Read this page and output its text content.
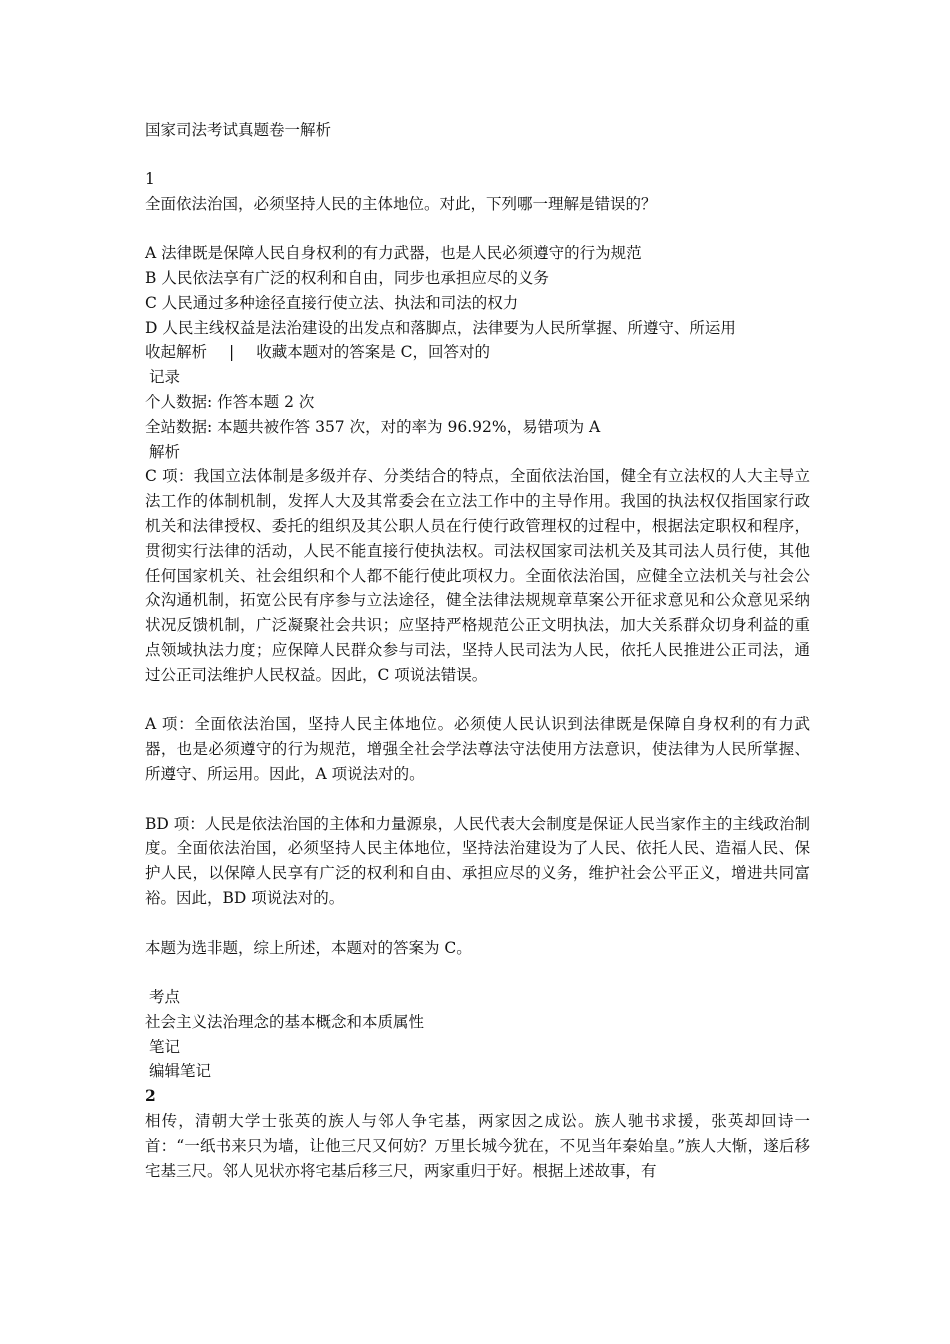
国家司法考试真题卷一解析
1
全面依法治国，必须坚持人民的主体地位。对此，下列哪一理解是错误的？
A 法律既是保障人民自身权利的有力武器，也是人民必须遵守的行为规范
B 人民依法享有广泛的权利和自由，同步也承担应尽的义务
C 人民通过多种途径直接行使立法、执法和司法的权力
D 人民主线权益是法治建设的出发点和落脚点，法律要为人民所掌握、所遵守、所运用
收起解析 | 收藏本题对的答案是 C，回答对的
记录
个人数据: 作答本题 2 次
全站数据: 本题共被作答 357 次，对的率为 96.92%，易错项为 A
解析
C 项：我国立法体制是多级并存、分类结合的特点，全面依法治国，健全有立法权的人大主导立法工作的体制机制，发挥人大及其常委会在立法工作中的主导作用。我国的执法权仅指国家行政机关和法律授权、委托的组织及其公职人员在行使行政管理权的过程中，根据法定职权和程序，贯彻实行法律的活动，人民不能直接行使执法权。司法权国家司法机关及其司法人员行使，其他任何国家机关、社会组织和个人都不能行使此项权力。全面依法治国，应健全立法机关与社会公众沟通机制，拓宽公民有序参与立法途径，健全法律法规规章草案公开征求意见和公众意见采纳状况反馈机制，广泛凝聚社会共识；应坚持严格规范公正文明执法，加大关系群众切身利益的重点领域执法力度；应保障人民群众参与司法，坚持人民司法为人民，依托人民推进公正司法，通过公正司法维护人民权益。因此，C 项说法错误。
A 项：全面依法治国，坚持人民主体地位。必须使人民认识到法律既是保障自身权利的有力武器，也是必须遵守的行为规范，增强全社会学法尊法守法使用方法意识，使法律为人民所掌握、所遵守、所运用。因此，A 项说法对的。
BD 项：人民是依法治国的主体和力量源泉，人民代表大会制度是保证人民当家作主的主线政治制度。全面依法治国，必须坚持人民主体地位，坚持法治建设为了人民、依托人民、造福人民、保护人民，以保障人民享有广泛的权利和自由、承担应尽的义务，维护社会公平正义，增进共同富裕。因此，BD 项说法对的。
本题为选非题，综上所述，本题对的答案为 C。
考点
社会主义法治理念的基本概念和本质属性
笔记
编辑笔记
2
相传，清朝大学士张英的族人与邻人争宅基，两家因之成讼。族人驰书求援，张英却回诗一首：“一纸书来只为墙，让他三尺又何妨？万里长城今犹在，不见当年秦始皇。”族人大惭，遂后移宅基三尺。邻人见状亦将宅基后移三尺，两家重归于好。根据上述故事，有
